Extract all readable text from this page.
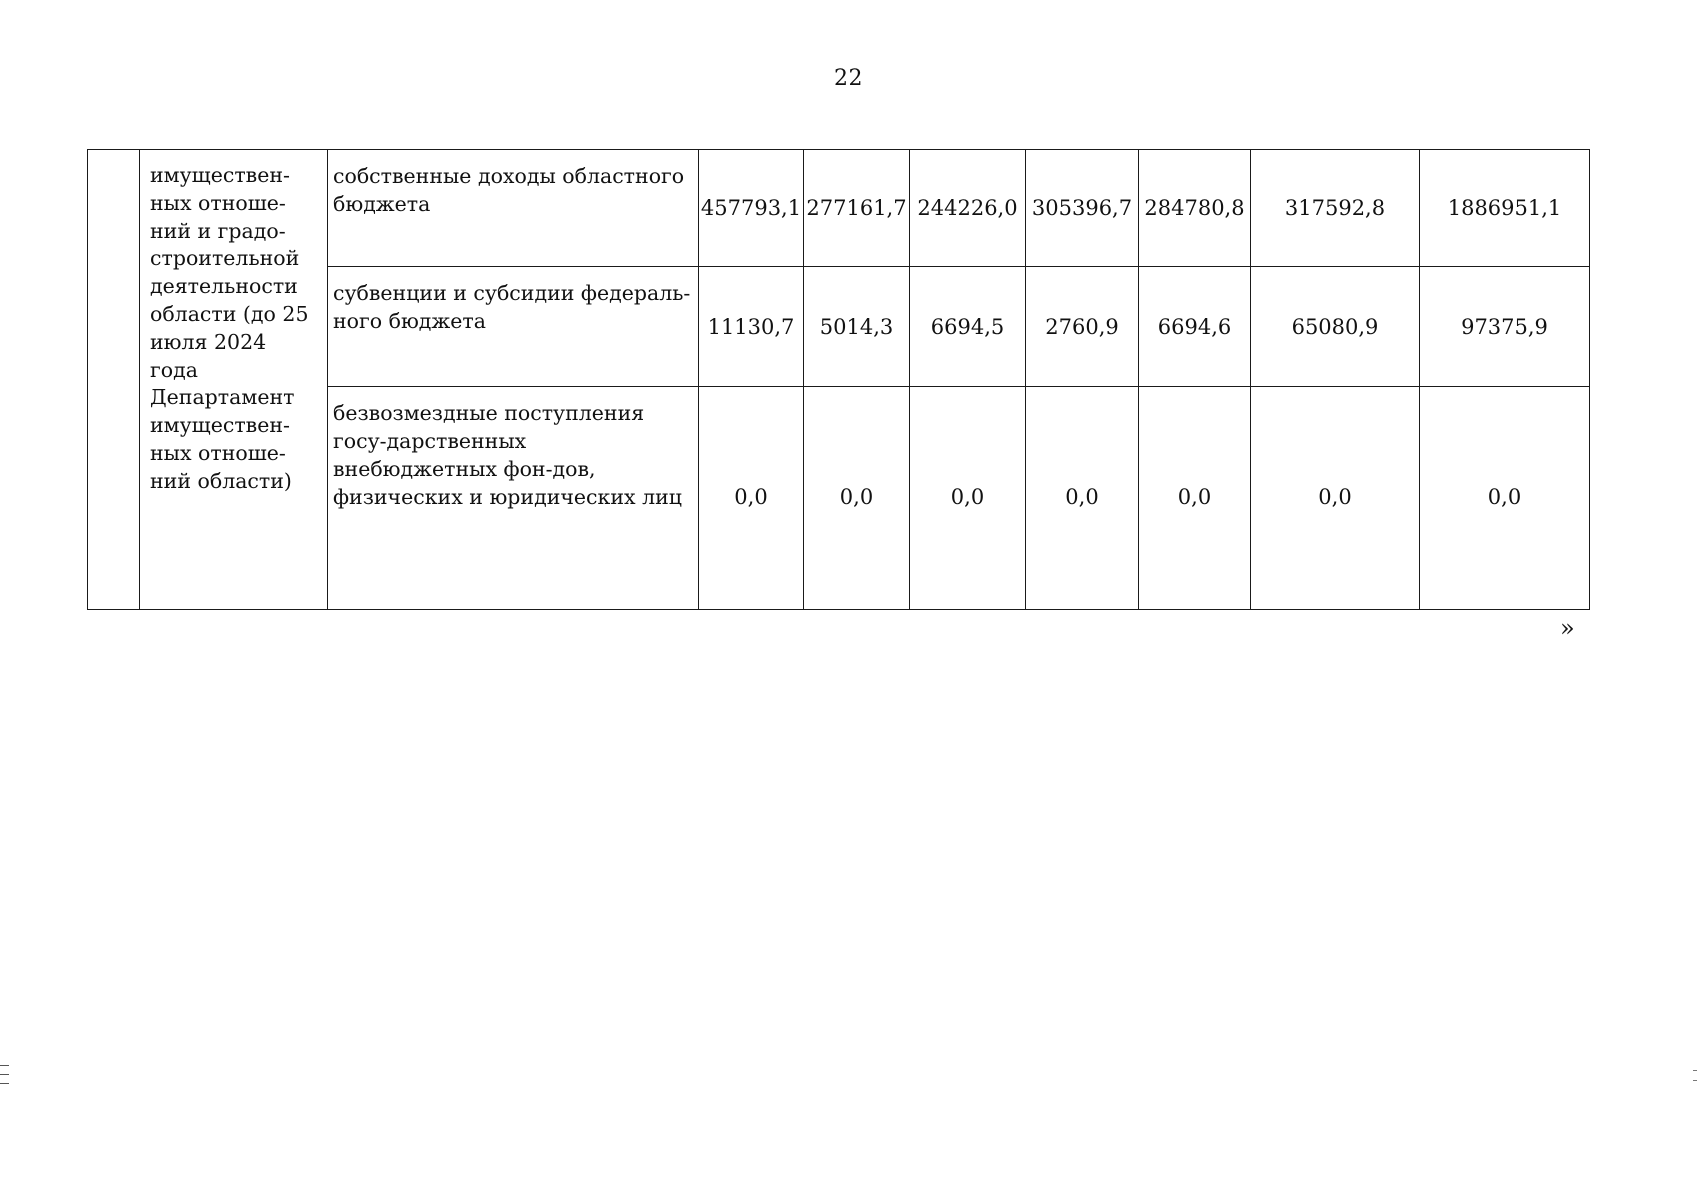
22
	имуществен-ных отноше-ний и градо-строительной деятельности области (до 25 июля 2024 года Департамент имуществен-ных отноше-ний области)	собственные доходы областного бюджета	457793,1	277161,7	244226,0	305396,7	284780,8	317592,8	1886951,1
		субвенции и субсидии федераль-ного бюджета	11130,7	5014,3	6694,5	2760,9	6694,6	65080,9	97375,9
		безвозмездные поступления госу-дарственных внебюджетных фон-дов, физических и юридических лиц	0,0	0,0	0,0	0,0	0,0	0,0	0,0
»
